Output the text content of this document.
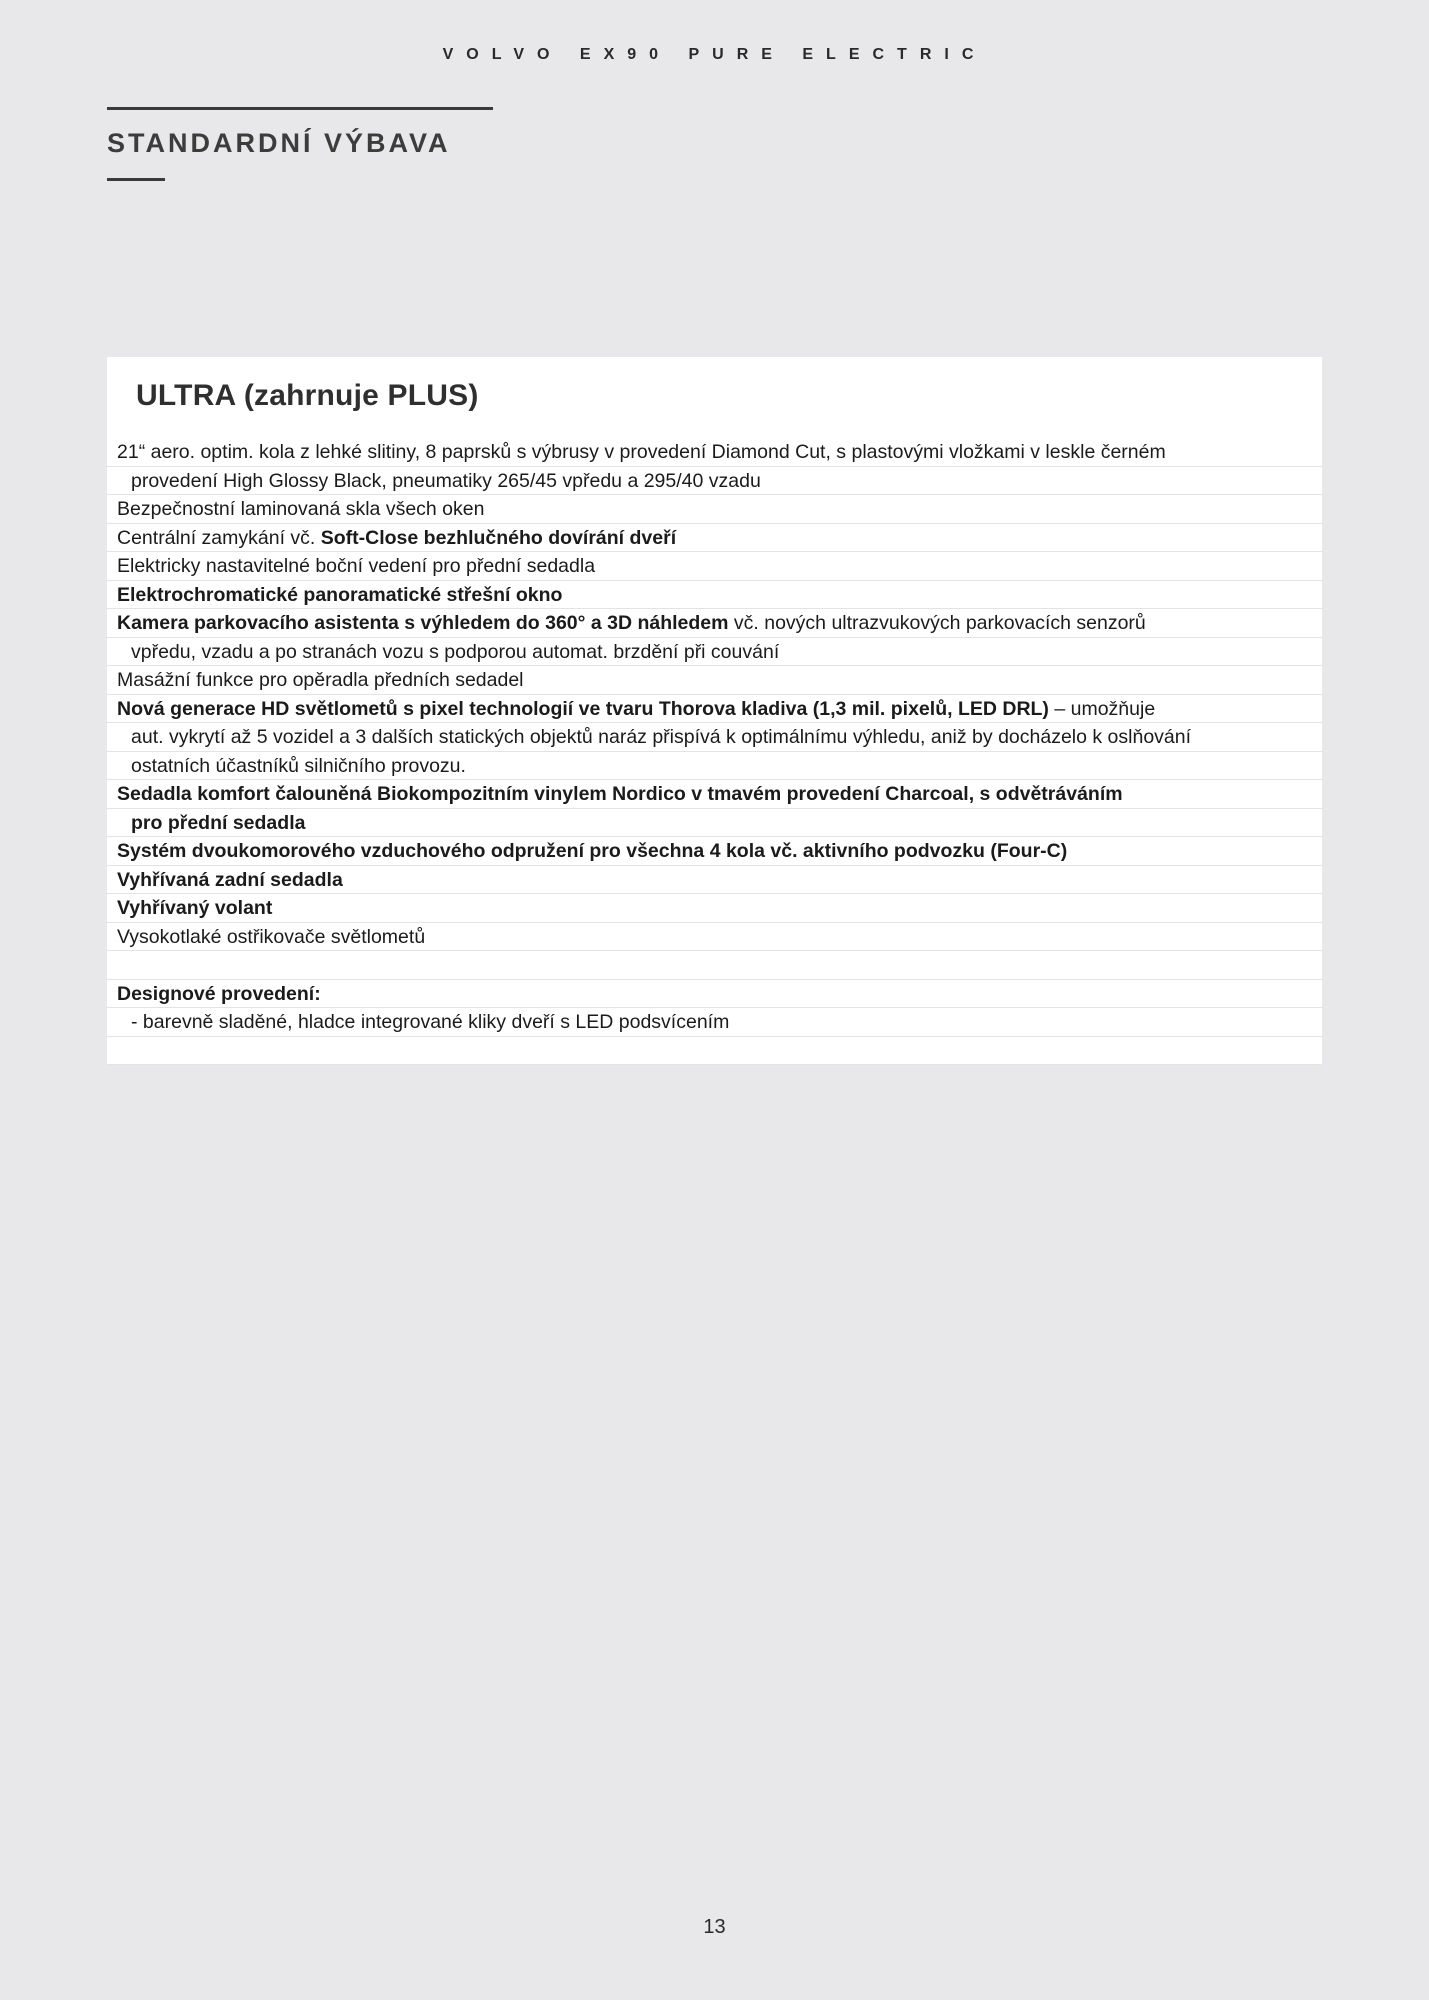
VOLVO EX90 PURE ELECTRIC
STANDARDNÍ VÝBAVA
ULTRA (zahrnuje PLUS)
21“ aero. optim. kola z lehké slitiny, 8 paprsků s výbrusy v provedení Diamond Cut, s plastovými vložkami v leskle černém
provedení High Glossy Black, pneumatiky 265/45 vpředu a 295/40 vzadu
Bezpečnostní laminovaná skla všech oken
Centrální zamykání vč. Soft-Close bezhlučného dovírání dveří
Elektricky nastavitelné boční vedení pro přední sedadla
Elektrochromatické panoramatické střešní okno
Kamera parkovacího asistenta s výhledem do 360° a 3D náhledem vč. nových ultrazvukových parkovacích senzorů
vpředu, vzadu a po stranách vozu s podporou automat. brzdění při couvání
Masážní funkce pro opěradla předních sedadel
Nová generace HD světlometů s pixel technologií ve tvaru Thorova kladiva (1,3 mil. pixelů, LED DRL) – umožňuje
aut. vykrytí až 5 vozidel a 3 dalších statických objektů naráz přispívá k optimálnímu výhledu, aniž by docházelo k oslňování
ostatních účastníků silničního provozu.
Sedadla komfort čalouněná Biokompozitním vinylem Nordico v tmavém provedení Charcoal, s odvětráváním
pro přední sedadla
Systém dvoukomorového vzduchového odpružení pro všechna 4 kola vč. aktivního podvozku (Four-C)
Vyhřívaná zadní sedadla
Vyhřívaný volant
Vysokotlaké ostřikovače světlometů
Designové provedení:
- barevně sladěné, hladce integrované kliky dveří s LED podsvícením
13
